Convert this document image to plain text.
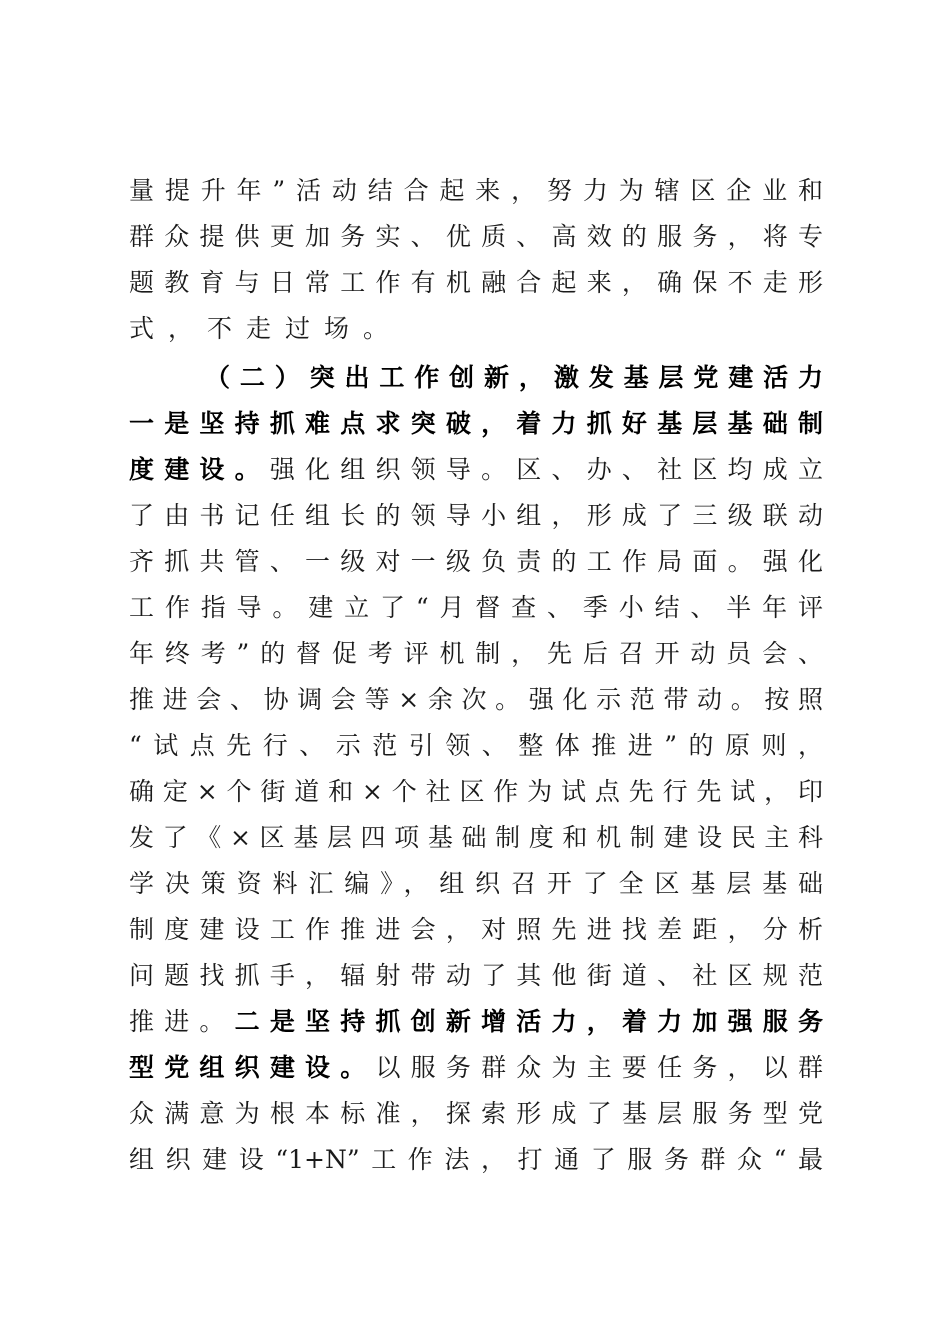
量提升年”活动结合起来，努力为辖区企业和
群众提供更加务实、优质、高效的服务，将专
题教育与日常工作有机融合起来，确保不走形
式，不走过场。
（二）突出工作创新，激发基层党建活力
一是坚持抓难点求突破，着力抓好基层基础制
度建设。强化组织领导。区、办、社区均成立
了由书记任组长的领导小组，形成了三级联动
齐抓共管、一级对一级负责的工作局面。强化
工作指导。建立了“月督查、季小结、半年评
年终考”的督促考评机制，先后召开动员会、
推进会、协调会等×余次。强化示范带动。按照
“试点先行、示范引领、整体推进”的原则，
确定×个街道和×个社区作为试点先行先试，印
发了《×区基层四项基础制度和机制建设民主科
学决策资料汇编》，组织召开了全区基层基础
制度建设工作推进会，对照先进找差距，分析
问题找抓手，辐射带动了其他街道、社区规范
推进。二是坚持抓创新增活力，着力加强服务
型党组织建设。以服务群众为主要任务，以群
众满意为根本标准，探索形成了基层服务型党
组织建设“1+N”工作法，打通了服务群众“最
